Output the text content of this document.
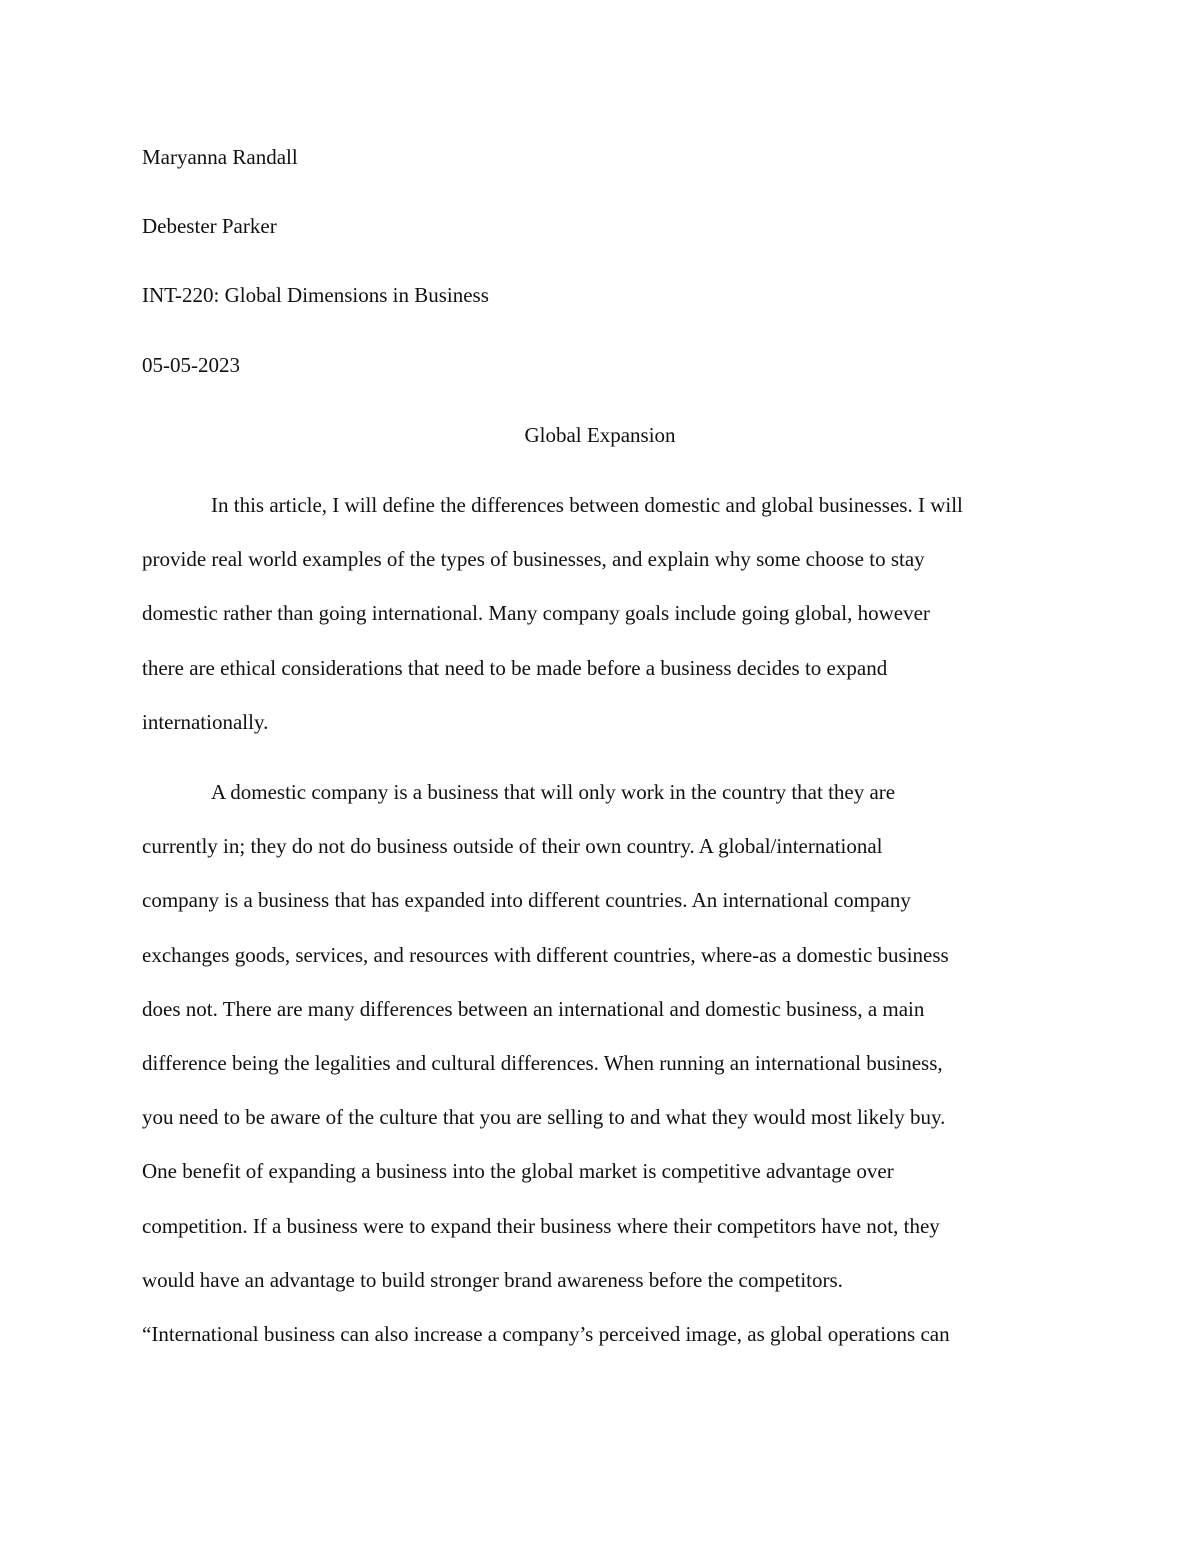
Maryanna Randall
Debester Parker
INT-220: Global Dimensions in Business
05-05-2023
Global Expansion
In this article, I will define the differences between domestic and global businesses. I will
provide real world examples of the types of businesses, and explain why some choose to stay
domestic rather than going international. Many company goals include going global, however
there are ethical considerations that need to be made before a business decides to expand
internationally.
A domestic company is a business that will only work in the country that they are
currently in; they do not do business outside of their own country. A global/international
company is a business that has expanded into different countries. An international company
exchanges goods, services, and resources with different countries, where-as a domestic business
does not. There are many differences between an international and domestic business, a main
difference being the legalities and cultural differences. When running an international business,
you need to be aware of the culture that you are selling to and what they would most likely buy.
One benefit of expanding a business into the global market is competitive advantage over
competition. If a business were to expand their business where their competitors have not, they
would have an advantage to build stronger brand awareness before the competitors.
“International business can also increase a company’s perceived image, as global operations can
